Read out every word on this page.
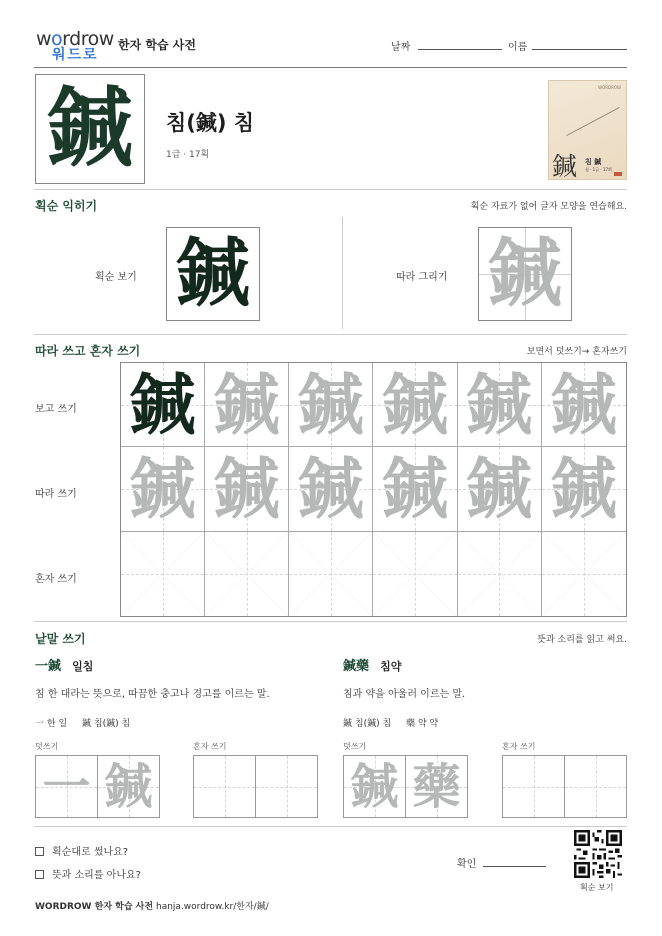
wordrow
워드로
한자 학습 사전	날짜	이름
鍼 침(鍼) 침
1급 · 17획
WORDROW
鍼 침 鍼
침 · 1급 · 17획
획순 익히기	획순 자료가 없어 글자 모양을 연습해요.
획순 보기 鍼	따라 그리기 鍼
따라 쓰고 혼자 쓰기	보면서 덧쓰기→ 혼자쓰기
보고 쓰기
따라 쓰기
혼자 쓰기
鍼 鍼 鍼 鍼 鍼 鍼
鍼 鍼 鍼 鍼 鍼 鍼
낱말 쓰기	뜻과 소리를 읽고 써요.
一鍼 일침
침 한 대라는 뜻으로, 따끔한 충고나 경고를 이르는 말.
一 한 일 鍼 침(鍼) 침
덧쓰기	혼자 쓰기
一 鍼
鍼藥 침약
침과 약을 아울러 이르는 말.
鍼 침(鍼) 침 藥 약 약
덧쓰기	혼자 쓰기
鍼 藥
획순대로 썼나요?
뜻과 소리를 아나요?
확인
획순 보기
WORDROW 한자 학습 사전 hanja.wordrow.kr/한자/鍼/
